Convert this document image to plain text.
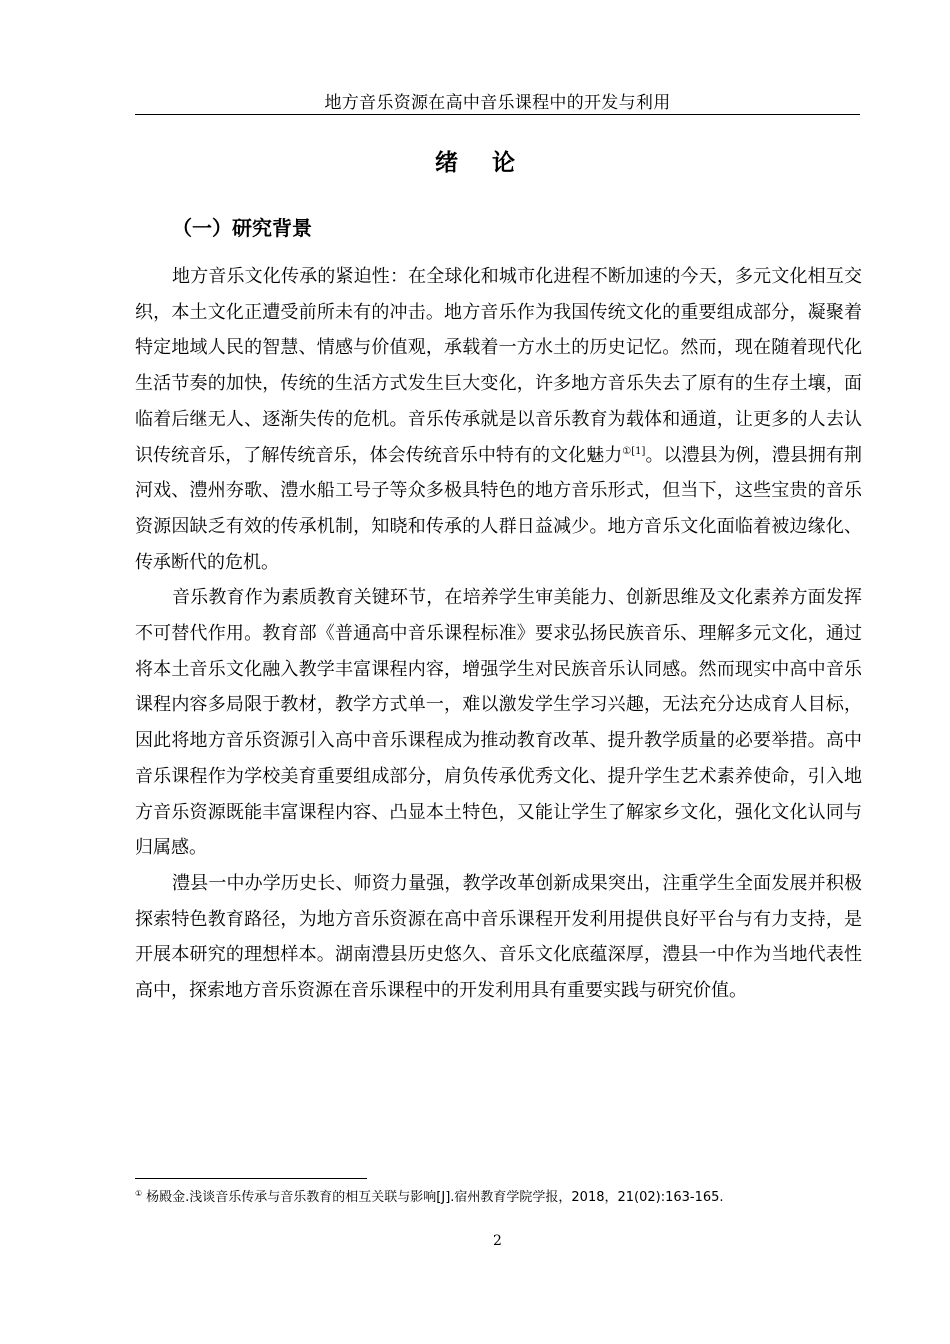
地方音乐资源在高中音乐课程中的开发与利用
绪论
（一）研究背景

地方音乐文化传承的紧迫性：在全球化和城市化进程不断加速的今天，多元文化相互交织，本土文化正遭受前所未有的冲击。地方音乐作为我国传统文化的重要组成部分，凝聚着特定地域人民的智慧、情感与价值观，承载着一方水土的历史记忆。然而，现在随着现代化生活节奏的加快，传统的生活方式发生巨大变化，许多地方音乐失去了原有的生存土壤，面临着后继无人、逐渐失传的危机。音乐传承就是以音乐教育为载体和通道，让更多的人去认识传统音乐，了解传统音乐，体会传统音乐中特有的文化魅力$^{①[1]}$。以澧县为例，澧县拥有荆河戏、澧州夯歌、澧水船工号子等众多极具特色的地方音乐形式，但当下，这些宝贵的音乐资源因缺乏有效的传承机制，知晓和传承的人群日益减少。地方音乐文化面临着被边缘化、传承断代的危机。

音乐教育作为素质教育关键环节，在培养学生审美能力、创新思维及文化素养方面发挥不可替代作用。教育部《普通高中音乐课程标准》要求弘扬民族音乐、理解多元文化，通过将本土音乐文化融入教学丰富课程内容，增强学生对民族音乐认同感。然而现实中高中音乐课程内容多局限于教材，教学方式单一，难以激发学生学习兴趣，无法充分达成育人目标，因此将地方音乐资源引入高中音乐课程成为推动教育改革、提升教学质量的必要举措。高中音乐课程作为学校美育重要组成部分，肩负传承优秀文化、提升学生艺术素养使命，引入地方音乐资源既能丰富课程内容、凸显本土特色，又能让学生了解家乡文化，强化文化认同与归属感。

澧县一中办学历史长、师资力量强，教学改革创新成果突出，注重学生全面发展并积极探索特色教育路径，为地方音乐资源在高中音乐课程开发利用提供良好平台与有力支持，是开展本研究的理想样本。湖南澧县历史悠久、音乐文化底蕴深厚，澧县一中作为当地代表性高中，探索地方音乐资源在音乐课程中的开发利用具有重要实践与研究价值。

① 杨殿金.浅谈音乐传承与音乐教育的相互关联与影响[J].宿州教育学院学报，2018，21(02):163-165.
2
